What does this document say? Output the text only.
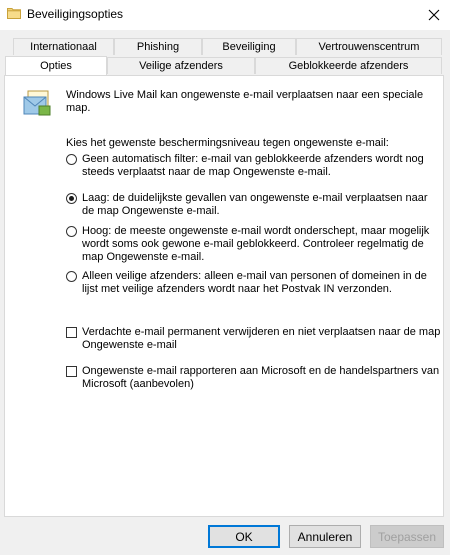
Beveiligingsopties
Internationaal	Phishing	Beveiliging	Vertrouwenscentrum
Opties	Veilige afzenders	Geblokkeerde afzenders
Windows Live Mail kan ongewenste e-mail verplaatsen naar een speciale map.
Kies het gewenste beschermingsniveau tegen ongewenste e-mail:
Geen automatisch filter: e-mail van geblokkeerde afzenders wordt nog steeds verplaatst naar de map Ongewenste e-mail.
Laag: de duidelijkste gevallen van ongewenste e-mail verplaatsen naar de map Ongewenste e-mail.
Hoog: de meeste ongewenste e-mail wordt onderschept, maar mogelijk wordt soms ook gewone e-mail geblokkeerd. Controleer regelmatig de map Ongewenste e-mail.
Alleen veilige afzenders: alleen e-mail van personen of domeinen in de lijst met veilige afzenders wordt naar het Postvak IN verzonden.
Verdachte e-mail permanent verwijderen en niet verplaatsen naar de map Ongewenste e-mail
Ongewenste e-mail rapporteren aan Microsoft en de handelspartners van Microsoft (aanbevolen)
OK	Annuleren Toepassen
